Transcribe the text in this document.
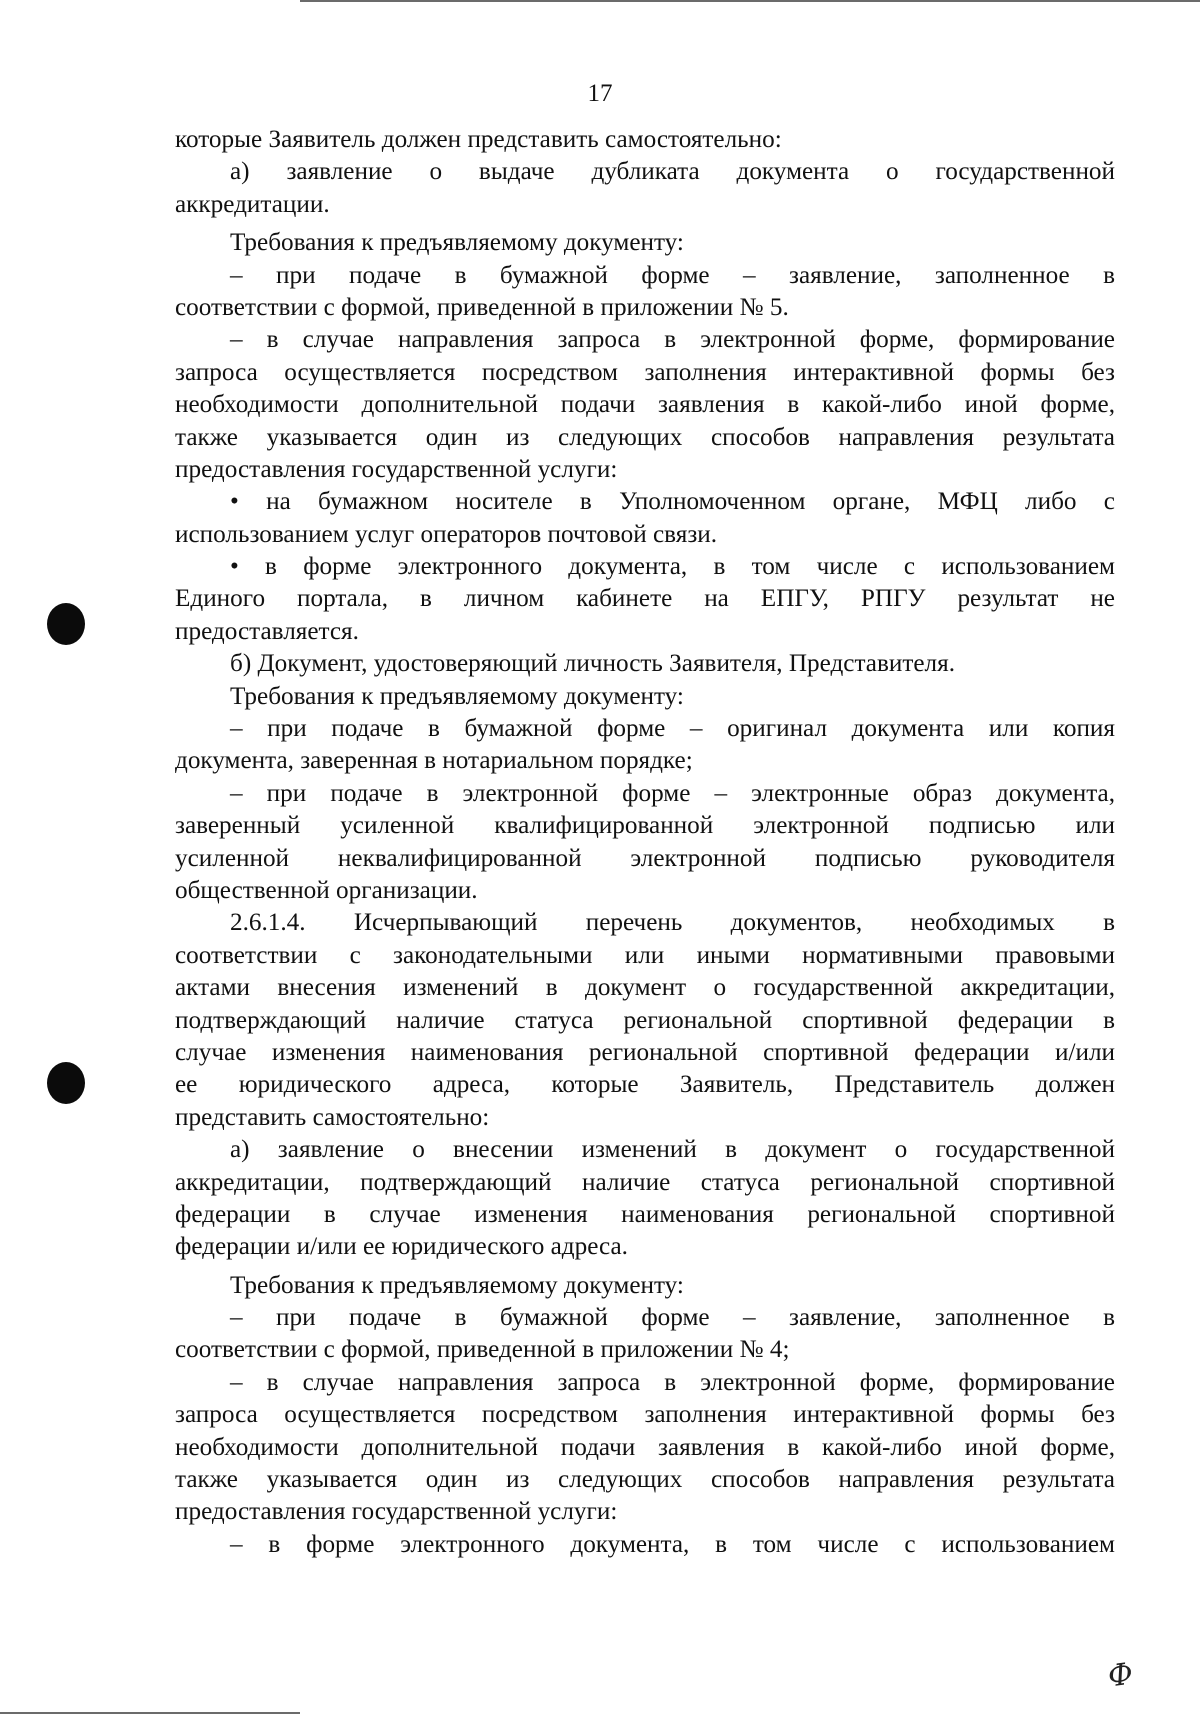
17
которые Заявитель должен представить самостоятельно:
а) заявление о выдаче дубликата документа о государственной
аккредитации.
Требования к предъявляемому документу:
– при подаче в бумажной форме – заявление, заполненное в
соответствии с формой, приведенной в приложении № 5.
– в случае направления запроса в электронной форме, формирование
запроса осуществляется посредством заполнения интерактивной формы без
необходимости дополнительной подачи заявления в какой-либо иной форме,
также указывается один из следующих способов направления результата
предоставления государственной услуги:
• на бумажном носителе в Уполномоченном органе, МФЦ либо с
использованием услуг операторов почтовой связи.
• в форме электронного документа, в том числе с использованием
Единого портала, в личном кабинете на ЕПГУ, РПГУ результат не
предоставляется.
б) Документ, удостоверяющий личность Заявителя, Представителя.
Требования к предъявляемому документу:
– при подаче в бумажной форме – оригинал документа или копия
документа, заверенная в нотариальном порядке;
– при подаче в электронной форме – электронные образ документа,
заверенный усиленной квалифицированной электронной подписью или
усиленной неквалифицированной электронной подписью руководителя
общественной организации.
2.6.1.4. Исчерпывающий перечень документов, необходимых в
соответствии с законодательными или иными нормативными правовыми
актами внесения изменений в документ о государственной аккредитации,
подтверждающий наличие статуса региональной спортивной федерации в
случае изменения наименования региональной спортивной федерации и/или
ее юридического адреса, которые Заявитель, Представитель должен
представить самостоятельно:
а) заявление о внесении изменений в документ о государственной
аккредитации, подтверждающий наличие статуса региональной спортивной
федерации в случае изменения наименования региональной спортивной
федерации и/или ее юридического адреса.
Требования к предъявляемому документу:
– при подаче в бумажной форме – заявление, заполненное в
соответствии с формой, приведенной в приложении № 4;
– в случае направления запроса в электронной форме, формирование
запроса осуществляется посредством заполнения интерактивной формы без
необходимости дополнительной подачи заявления в какой-либо иной форме,
также указывается один из следующих способов направления результата
предоставления государственной услуги:
– в форме электронного документа, в том числе с использованием
Ф
